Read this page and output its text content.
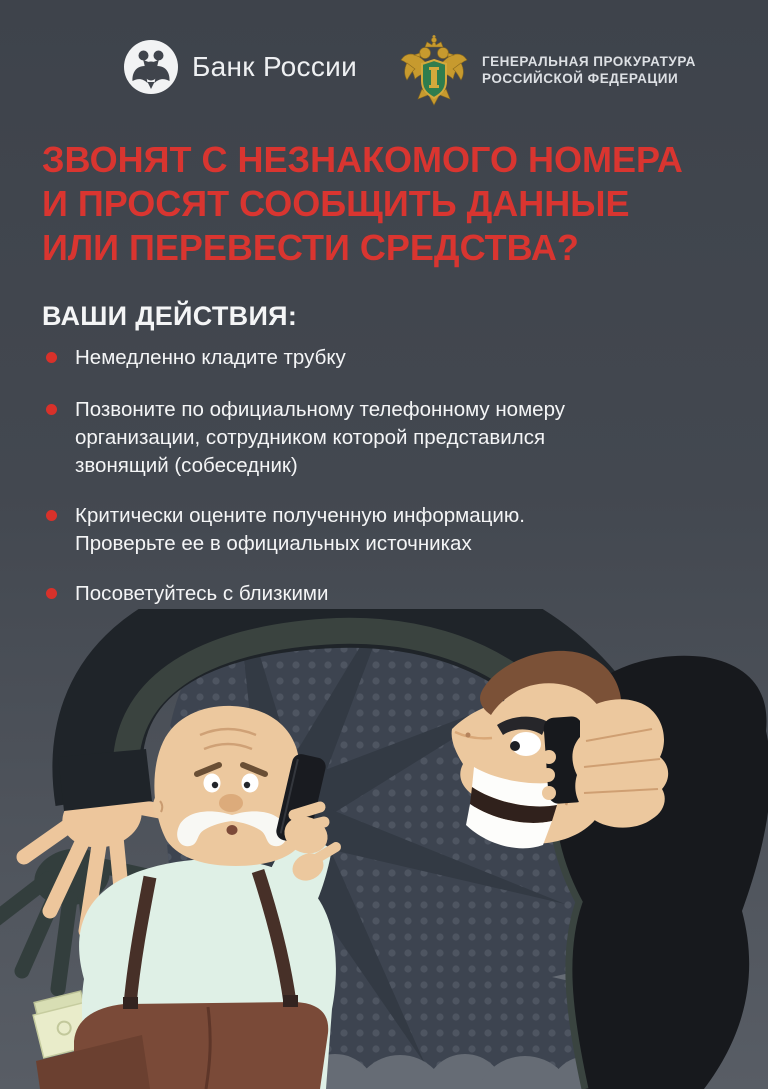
Банк России	ГЕНЕРАЛЬНАЯ ПРОКУРАТУРА
РОССИЙСКОЙ ФЕДЕРАЦИИ
ЗВОНЯТ С НЕЗНАКОМОГО НОМЕРА
И ПРОСЯТ СООБЩИТЬ ДАННЫЕ
ИЛИ ПЕРЕВЕСТИ СРЕДСТВА?
ВАШИ ДЕЙСТВИЯ:
Немедленно кладите трубку
Позвоните по официальному телефонному номеру
организации, сотрудником которой представился
звонящий (собеседник)
Критически оцените полученную информацию.
Проверьте ее в официальных источниках
Посоветуйтесь с близкими
